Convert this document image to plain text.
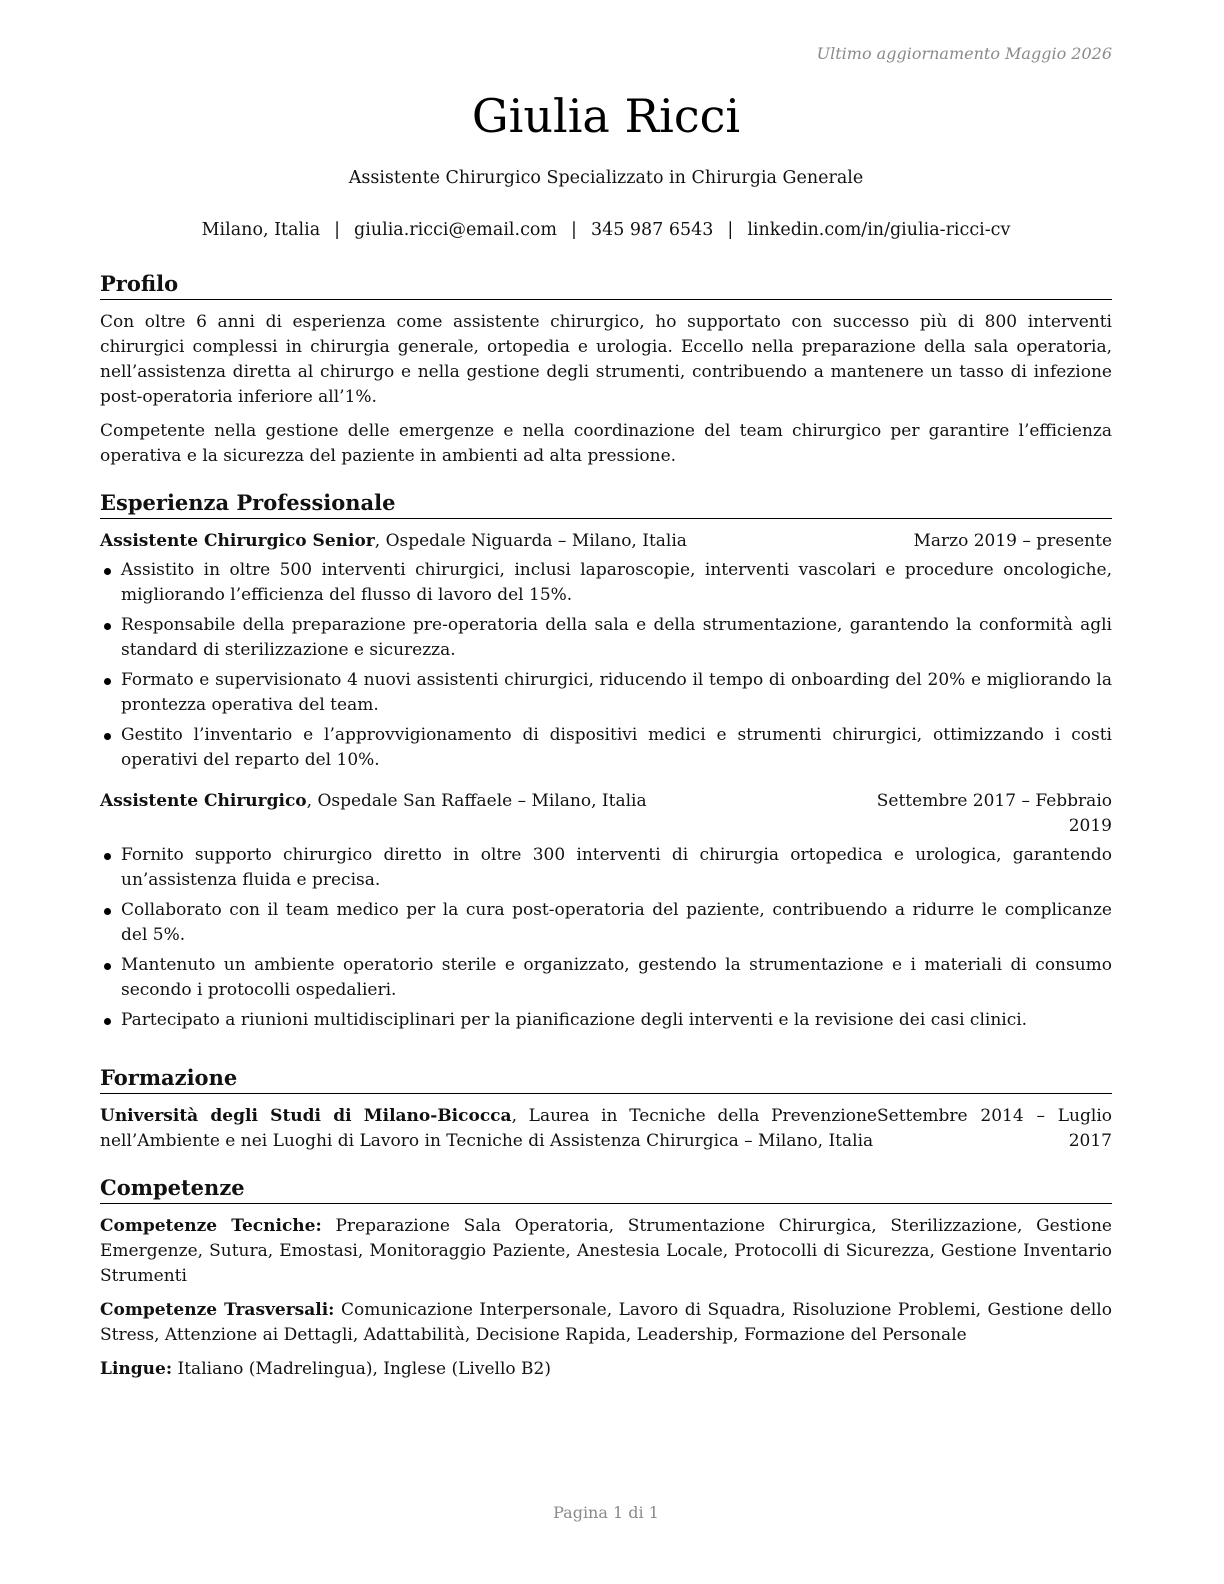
Ultimo aggiornamento Maggio 2026
Giulia Ricci
Assistente Chirurgico Specializzato in Chirurgia Generale
Milano, Italia | giulia.ricci@email.com | 345 987 6543 | linkedin.com/in/giulia-ricci-cv
Profilo

Con oltre 6 anni di esperienza come assistente chirurgico, ho supportato con successo più di 800 interventi chirurgici complessi in chirurgia generale, ortopedia e urologia. Eccello nella preparazione della sala operatoria, nell’assistenza diretta al chirurgo e nella gestione degli strumenti, contribuendo a mantenere un tasso di infezione post-operatoria inferiore all’1%.

Competente nella gestione delle emergenze e nella coordinazione del team chirurgico per garantire l’efficienza operativa e la sicurezza del paziente in ambienti ad alta pressione.

Esperienza Professionale
Assistente Chirurgico Senior, Ospedale Niguarda – Milano, Italia	Marzo 2019 – presente
Assistito in oltre 500 interventi chirurgici, inclusi laparoscopie, interventi vascolari e procedure oncologiche, migliorando l’efficienza del flusso di lavoro del 15%.
Responsabile della preparazione pre-operatoria della sala e della strumentazione, garantendo la conformità agli standard di sterilizzazione e sicurezza.
Formato e supervisionato 4 nuovi assistenti chirurgici, riducendo il tempo di onboarding del 20% e migliorando la prontezza operativa del team.
Gestito l’inventario e l’approvvigionamento di dispositivi medici e strumenti chirurgici, ottimizzando i costi operativi del reparto del 10%.
Assistente Chirurgico, Ospedale San Raffaele – Milano, Italia	Settembre 2017 – Febbraio 2019
Fornito supporto chirurgico diretto in oltre 300 interventi di chirurgia ortopedica e urologica, garantendo un’assistenza fluida e precisa.
Collaborato con il team medico per la cura post-operatoria del paziente, contribuendo a ridurre le complicanze del 5%.
Mantenuto un ambiente operatorio sterile e organizzato, gestendo la strumentazione e i materiali di consumo secondo i protocolli ospedalieri.
Partecipato a riunioni multidisciplinari per la pianificazione degli interventi e la revisione dei casi clinici.
Formazione
Università degli Studi di Milano-Bicocca, Laurea in Tecniche della Prevenzione nell’Ambiente e nei Luoghi di Lavoro in Tecniche di Assistenza Chirurgica – Milano, Italia
Settembre 2014 – Luglio 2017
Competenze

Competenze Tecniche: Preparazione Sala Operatoria, Strumentazione Chirurgica, Sterilizzazione, Gestione Emergenze, Sutura, Emostasi, Monitoraggio Paziente, Anestesia Locale, Protocolli di Sicurezza, Gestione Inventario Strumenti

Competenze Trasversali: Comunicazione Interpersonale, Lavoro di Squadra, Risoluzione Problemi, Gestione dello Stress, Attenzione ai Dettagli, Adattabilità, Decisione Rapida, Leadership, Formazione del Personale

Lingue: Italiano (Madrelingua), Inglese (Livello B2)

Pagina 1 di 1
